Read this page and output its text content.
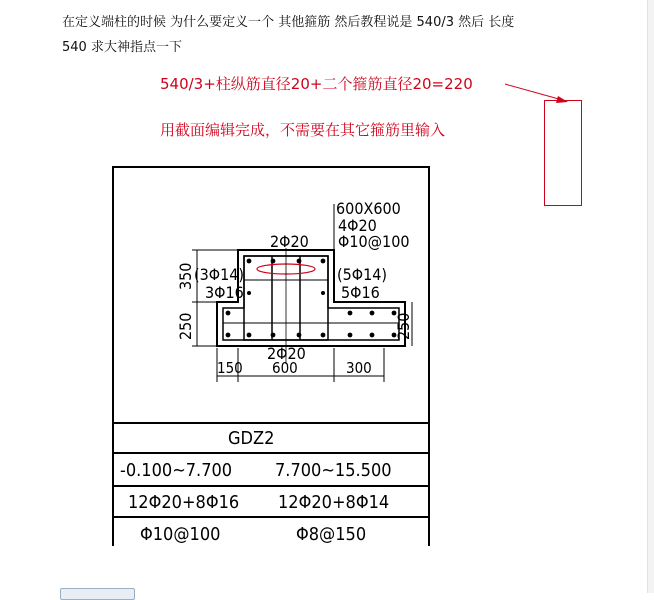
在定义端柱的时候 为什么要定义一个 其他箍筋 然后教程说是 540/3 然后 长度
540 求大神指点一下
540/3+柱纵筋直径20+二个箍筋直径20=220
用截面编辑完成，不需要在其它箍筋里输入
600X600
4Φ20
Φ10@100
2Φ20
(3Φ14)
3Φ16
(5Φ14)
5Φ16
2Φ20
350
250	250
150 600	300
GDZ2
-0.100~7.700 7.700~15.500
12Φ20+8Φ16 12Φ20+8Φ14
Φ10@100	Φ8@150
